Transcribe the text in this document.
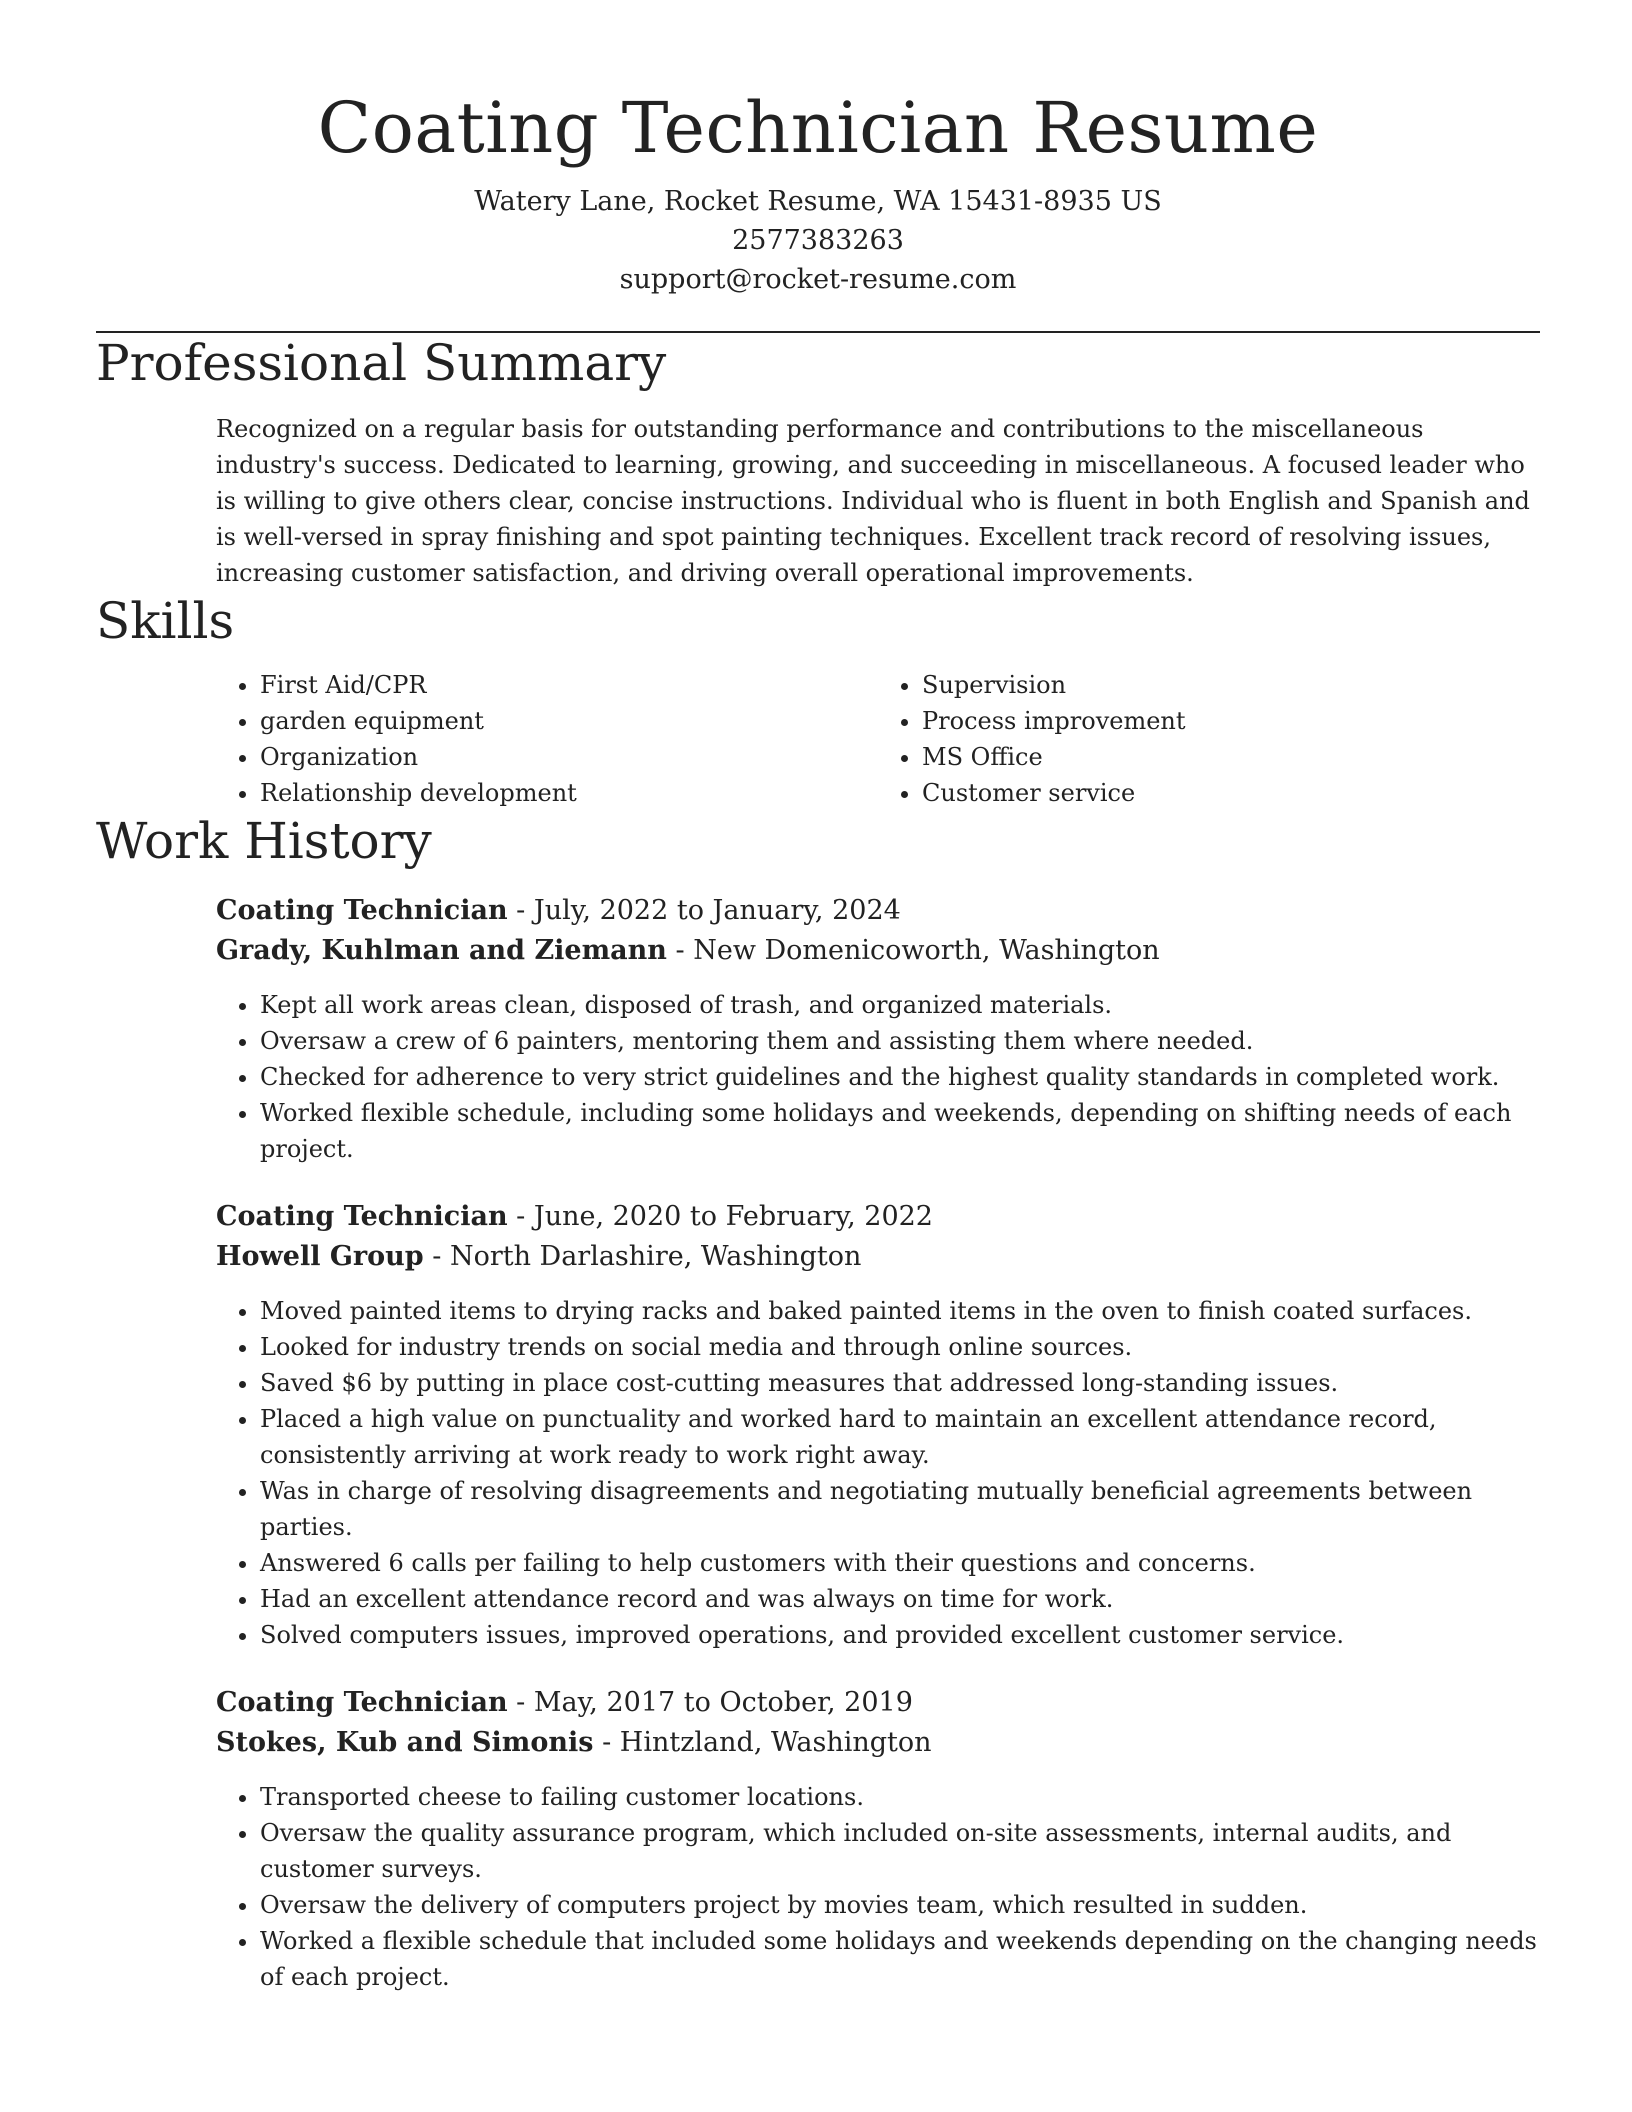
Coating Technician Resume
Watery Lane, Rocket Resume, WA 15431-8935 US
2577383263
support@rocket-resume.com
Professional Summary
Recognized on a regular basis for outstanding performance and contributions to the miscellaneous industry's success. Dedicated to learning, growing, and succeeding in miscellaneous. A focused leader who is willing to give others clear, concise instructions. Individual who is fluent in both English and Spanish and is well-versed in spray finishing and spot painting techniques. Excellent track record of resolving issues, increasing customer satisfaction, and driving overall operational improvements.
Skills
• First Aid/CPR
• garden equipment
• Organization
• Relationship development
• Supervision
• Process improvement
• MS Office
• Customer service
Work History
Coating Technician - July, 2022 to January, 2024
Grady, Kuhlman and Ziemann - New Domenicoworth, Washington
• Kept all work areas clean, disposed of trash, and organized materials.
• Oversaw a crew of 6 painters, mentoring them and assisting them where needed.
• Checked for adherence to very strict guidelines and the highest quality standards in completed work.
• Worked flexible schedule, including some holidays and weekends, depending on shifting needs of each project.
Coating Technician - June, 2020 to February, 2022
Howell Group - North Darlashire, Washington
• Moved painted items to drying racks and baked painted items in the oven to finish coated surfaces.
• Looked for industry trends on social media and through online sources.
• Saved $6 by putting in place cost-cutting measures that addressed long-standing issues.
• Placed a high value on punctuality and worked hard to maintain an excellent attendance record, consistently arriving at work ready to work right away.
• Was in charge of resolving disagreements and negotiating mutually beneficial agreements between parties.
• Answered 6 calls per failing to help customers with their questions and concerns.
• Had an excellent attendance record and was always on time for work.
• Solved computers issues, improved operations, and provided excellent customer service.
Coating Technician - May, 2017 to October, 2019
Stokes, Kub and Simonis - Hintzland, Washington
• Transported cheese to failing customer locations.
• Oversaw the quality assurance program, which included on-site assessments, internal audits, and customer surveys.
• Oversaw the delivery of computers project by movies team, which resulted in sudden.
• Worked a flexible schedule that included some holidays and weekends depending on the changing needs of each project.
